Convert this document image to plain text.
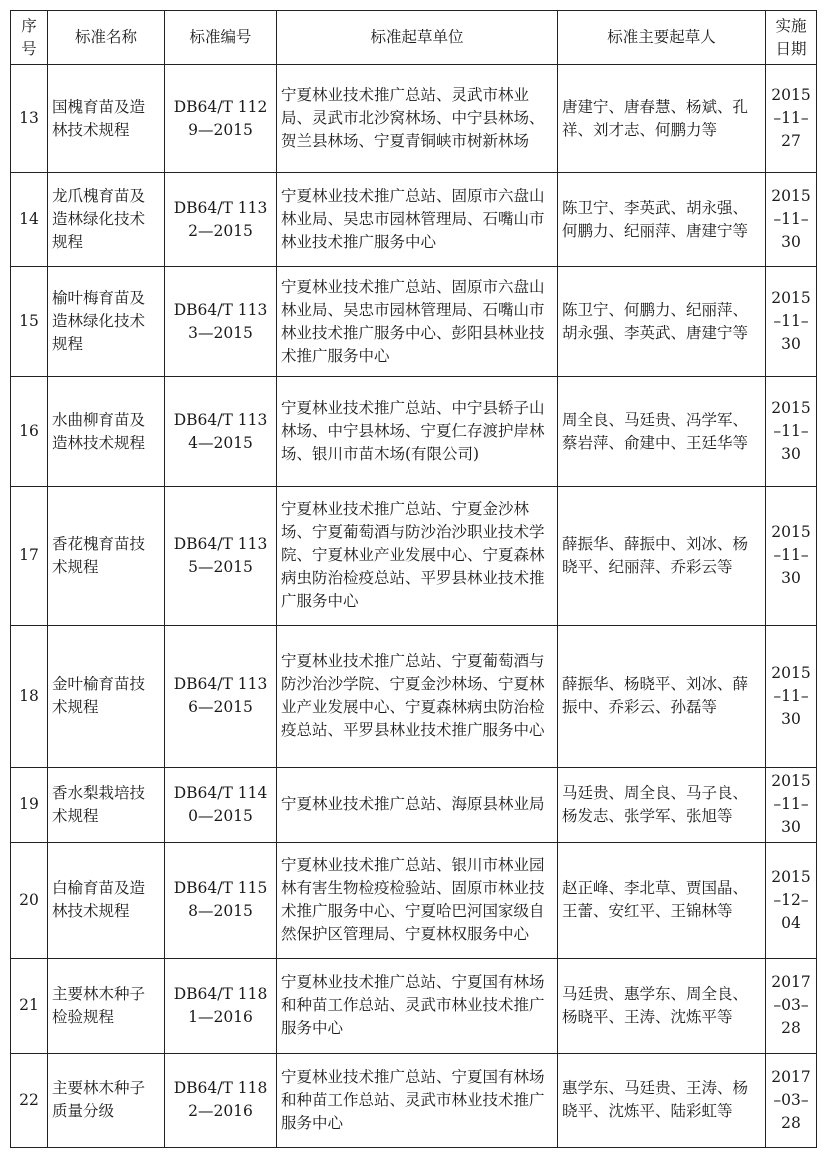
序号	标准名称	标准编号	标准起草单位	标准主要起草人	实施日期
13	国槐育苗及造林技术规程	DB64/T 1129—2015	宁夏林业技术推广总站、灵武市林业局、灵武市北沙窝林场、中宁县林场、贺兰县林场、宁夏青铜峡市树新林场	唐建宁、唐春慧、杨斌、孔祥、刘才志、何鹏力等	2015–11–27
14	龙爪槐育苗及造林绿化技术规程	DB64/T 1132—2015	宁夏林业技术推广总站、固原市六盘山林业局、吴忠市园林管理局、石嘴山市林业技术推广服务中心	陈卫宁、李英武、胡永强、何鹏力、纪丽萍、唐建宁等	2015–11–30
15	榆叶梅育苗及造林绿化技术规程	DB64/T 1133—2015	宁夏林业技术推广总站、固原市六盘山林业局、吴忠市园林管理局、石嘴山市林业技术推广服务中心、彭阳县林业技术推广服务中心	陈卫宁、何鹏力、纪丽萍、胡永强、李英武、唐建宁等	2015–11–30
16	水曲柳育苗及造林技术规程	DB64/T 1134—2015	宁夏林业技术推广总站、中宁县轿子山林场、中宁县林场、宁夏仁存渡护岸林场、银川市苗木场(有限公司)	周全良、马廷贵、冯学军、蔡岩萍、俞建中、王廷华等	2015–11–30
17	香花槐育苗技术规程	DB64/T 1135—2015	宁夏林业技术推广总站、宁夏金沙林场、宁夏葡萄酒与防沙治沙职业技术学院、宁夏林业产业发展中心、宁夏森林病虫防治检疫总站、平罗县林业技术推广服务中心	薛振华、薛振中、刘冰、杨晓平、纪丽萍、乔彩云等	2015–11–30
18	金叶榆育苗技术规程	DB64/T 1136—2015	宁夏林业技术推广总站、宁夏葡萄酒与防沙治沙学院、宁夏金沙林场、宁夏林业产业发展中心、宁夏森林病虫防治检疫总站、平罗县林业技术推广服务中心	薛振华、杨晓平、刘冰、薛振中、乔彩云、孙磊等	2015–11–30
19	香水梨栽培技术规程	DB64/T 1140—2015	宁夏林业技术推广总站、海原县林业局	马廷贵、周全良、马子良、杨发志、张学军、张旭等	2015–11–30
20	白榆育苗及造林技术规程	DB64/T 1158—2015	宁夏林业技术推广总站、银川市林业园林有害生物检疫检验站、固原市林业技术推广服务中心、宁夏哈巴河国家级自然保护区管理局、宁夏林权服务中心	赵正峰、李北草、贾国晶、王蕾、安红平、王锦林等	2015–12–04
21	主要林木种子检验规程	DB64/T 1181—2016	宁夏林业技术推广总站、宁夏国有林场和种苗工作总站、灵武市林业技术推广服务中心	马廷贵、惠学东、周全良、杨晓平、王涛、沈炼平等	2017–03–28
22	主要林木种子质量分级	DB64/T 1182—2016	宁夏林业技术推广总站、宁夏国有林场和种苗工作总站、灵武市林业技术推广服务中心	惠学东、马廷贵、王涛、杨晓平、沈炼平、陆彩虹等	2017–03–28
